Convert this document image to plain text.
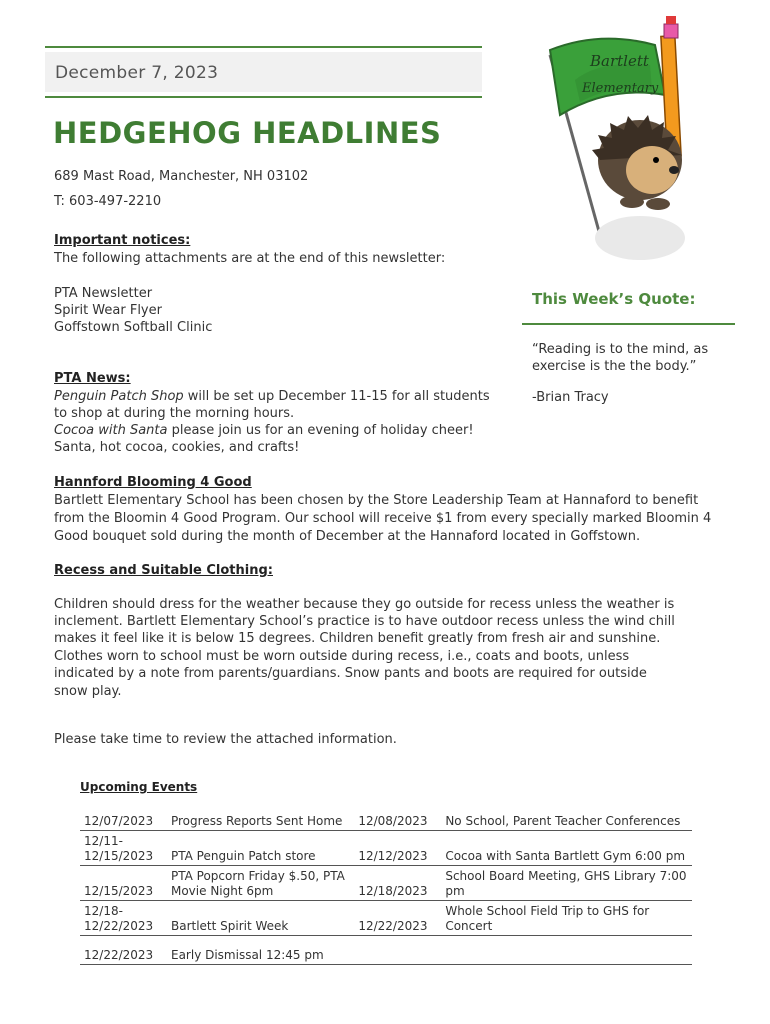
December 7, 2023
HEDGEHOG HEADLINES
689 Mast Road, Manchester, NH 03102
T: 603-497-2210
Bartlett
Elementary
Important notices:
The following attachments are at the end of this newsletter:
PTA Newsletter
Spirit Wear Flyer
Goffstown Softball Clinic
This Week’s Quote:
“Reading is to the mind, as
exercise is the the body.”
-Brian Tracy
PTA News:
Penguin Patch Shop will be set up December 11-15 for all students
to shop at during the morning hours.
Cocoa with Santa please join us for an evening of holiday cheer!
Santa, hot cocoa, cookies, and crafts!
Hannford Blooming 4 Good
Bartlett Elementary School has been chosen by the Store Leadership Team at Hannaford to benefit
from the Bloomin 4 Good Program. Our school will receive $1 from every specially marked Bloomin 4
Good bouquet sold during the month of December at the Hannaford located in Goffstown.
Recess and Suitable Clothing:
Children should dress for the weather because they go outside for recess unless the weather is
inclement. Bartlett Elementary School’s practice is to have outdoor recess unless the wind chill
makes it feel like it is below 15 degrees. Children benefit greatly from fresh air and sunshine.
Clothes worn to school must be worn outside during recess, i.e., coats and boots, unless
indicated by a note from parents/guardians. Snow pants and boots are required for outside
snow play.
Please take time to review the attached information.
Upcoming Events
12/07/2023	Progress Reports Sent Home	12/08/2023	No School, Parent Teacher Conferences
12/11-
12/15/2023	PTA Penguin Patch store	12/12/2023	Cocoa with Santa Bartlett Gym 6:00 pm
12/15/2023	PTA Popcorn Friday $.50, PTA
Movie Night 6pm	12/18/2023	School Board Meeting, GHS Library 7:00
pm
12/18-
12/22/2023	Bartlett Spirit Week	12/22/2023	Whole School Field Trip to GHS for
Concert
12/22/2023	Early Dismissal 12:45 pm		
